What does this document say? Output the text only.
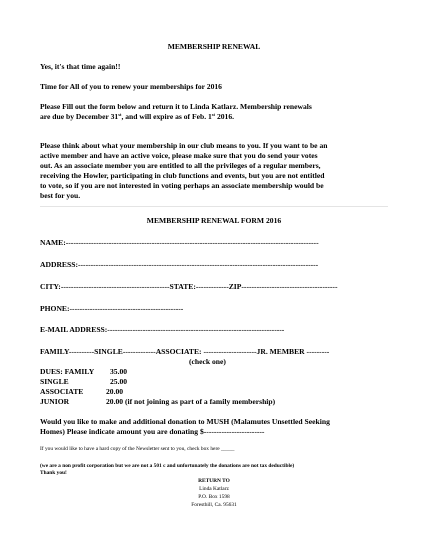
MEMBERSHIP RENEWAL
Yes, it's that time again!!
Time for All of you to renew your memberships for 2016
Please Fill out the form below and return it to Linda Katlarz. Membership renewals
are due by December 31st, and will expire as of Feb. 1st 2016.
Please think about what your membership in our club means to you. If you want to be an
active member and have an active voice, please make sure that you do send your votes
out. As an associate member you are entitled to all the privileges of a regular members,
receiving the Howler, participating in club functions and events, but you are not entitled
to vote, so if you are not interested in voting perhaps an associate membership would be
best for you.
MEMBERSHIP RENEWAL FORM 2016
NAME:----------------------------------------------------------------------------------------------------
ADDRESS:-----------------------------------------------------------------------------------------------
CITY:-------------------------------------------STATE:-------------ZIP--------------------------------------
PHONE:---------------------------------------------
E-MAIL ADDRESS:----------------------------------------------------------------------
FAMILY----------SINGLE-------------ASSOCIATE: ---------------------JR. MEMBER ---------
(check one)
DUES: FAMILY 35.00
SINGLE	25.00
ASSOCIATE	20.00
JUNIOR	20.00 (if not joining as part of a family membership)
Would you like to make and additional donation to MUSH (Malamutes Unsettled Seeking
Homes) Please indicate amount you are donating $------------------------
If you would like to have a hard copy of the Newsletter sent to you, check box here _____
(we are a non profit corporation but we are not a 501 c and unfortunately the donations are not tax deductible)
Thank you!
RETURN TO
Linda Katlarz
P.O. Box 1598
Foresthill, Ca. 95631
